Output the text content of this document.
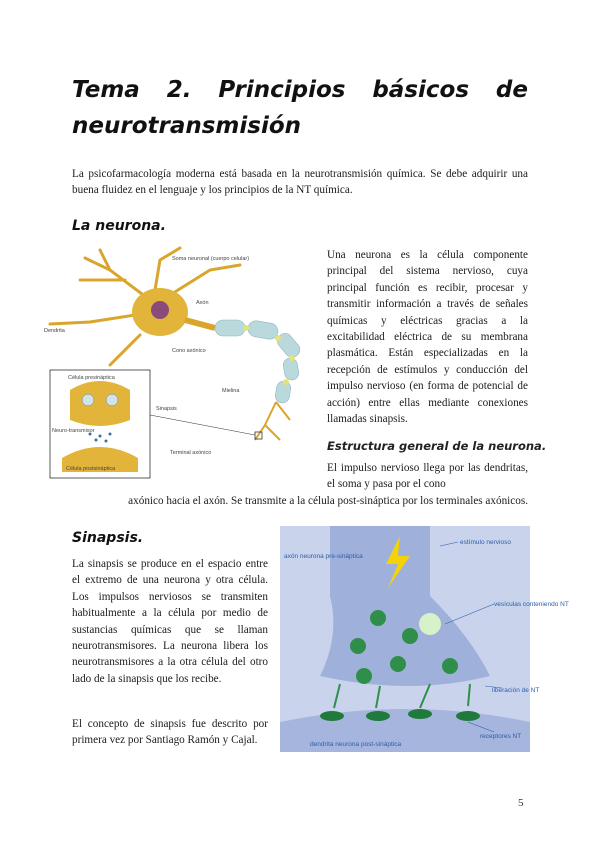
Tema 2. Principios básicos de
neurotransmisión
La psicofarmacología moderna está basada en la neurotransmisión química. Se debe adquirir una buena fluidez en el lenguaje y los principios de la NT química.
La neurona.
Soma neuronal (cuerpo celular)
Axón
Dendrita
Cono axónico
Mielina
Terminal axónico
Célula presináptica
Sinapsis
Neuro-transmisor
Célula postsináptica
Una neurona es la célula componente principal del sistema nervioso, cuya principal función es recibir, procesar y transmitir información a través de señales químicas y eléctricas gracias a la excitabilidad eléctrica de su membrana plasmática. Están especializadas en la recepción de estímulos y conducción del impulso nervioso (en forma de potencial de acción) entre ellas mediante conexiones llamadas sinapsis.
Estructura general de la neurona.
El impulso nervioso llega por las dendritas, el soma y pasa por el cono
axónico hacia el axón. Se transmite a la célula post-sináptica por los terminales axónicos.
Sinapsis.
La sinapsis se produce en el espacio entre el extremo de una neurona y otra célula. Los impulsos nerviosos se transmiten habitualmente a la célula por medio de sustancias químicas que se llaman neurotransmisores. La neurona libera los neurotransmisores a la otra célula del otro lado de la sinapsis que los recibe.
El concepto de sinapsis fue descrito por primera vez por Santiago Ramón y Cajal.
axón neurona pre-sináptica
estímulo nervioso
vesículas conteniendo NT
liberación de NT
receptores NT
dendrita neurona post-sináptica
5
